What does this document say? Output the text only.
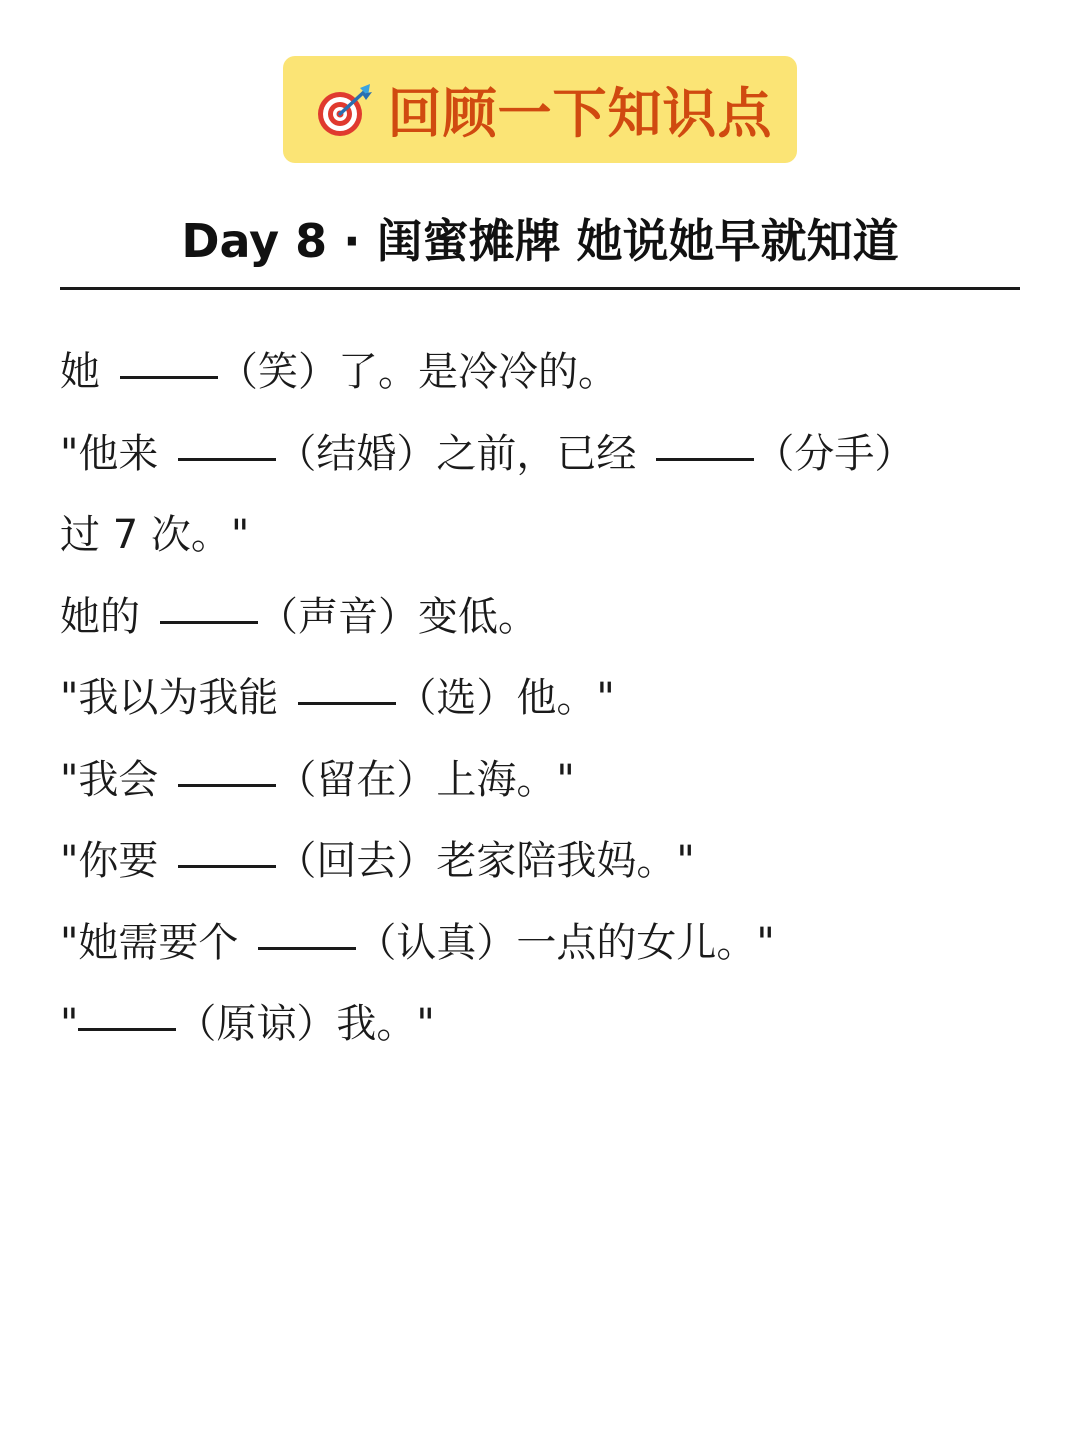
回顾一下知识点
Day 8 · 闺蜜摊牌 她说她早就知道
她	（笑）了。是冷冷的。
"他来	（结婚）之前，已经	（分手）
过 7 次。"
她的	（声音）变低。
"我以为我能	（选）他。"
"我会	（留在）上海。"
"你要	（回去）老家陪我妈。"
"她需要个	（认真）一点的女儿。"
" （原谅）我。"
